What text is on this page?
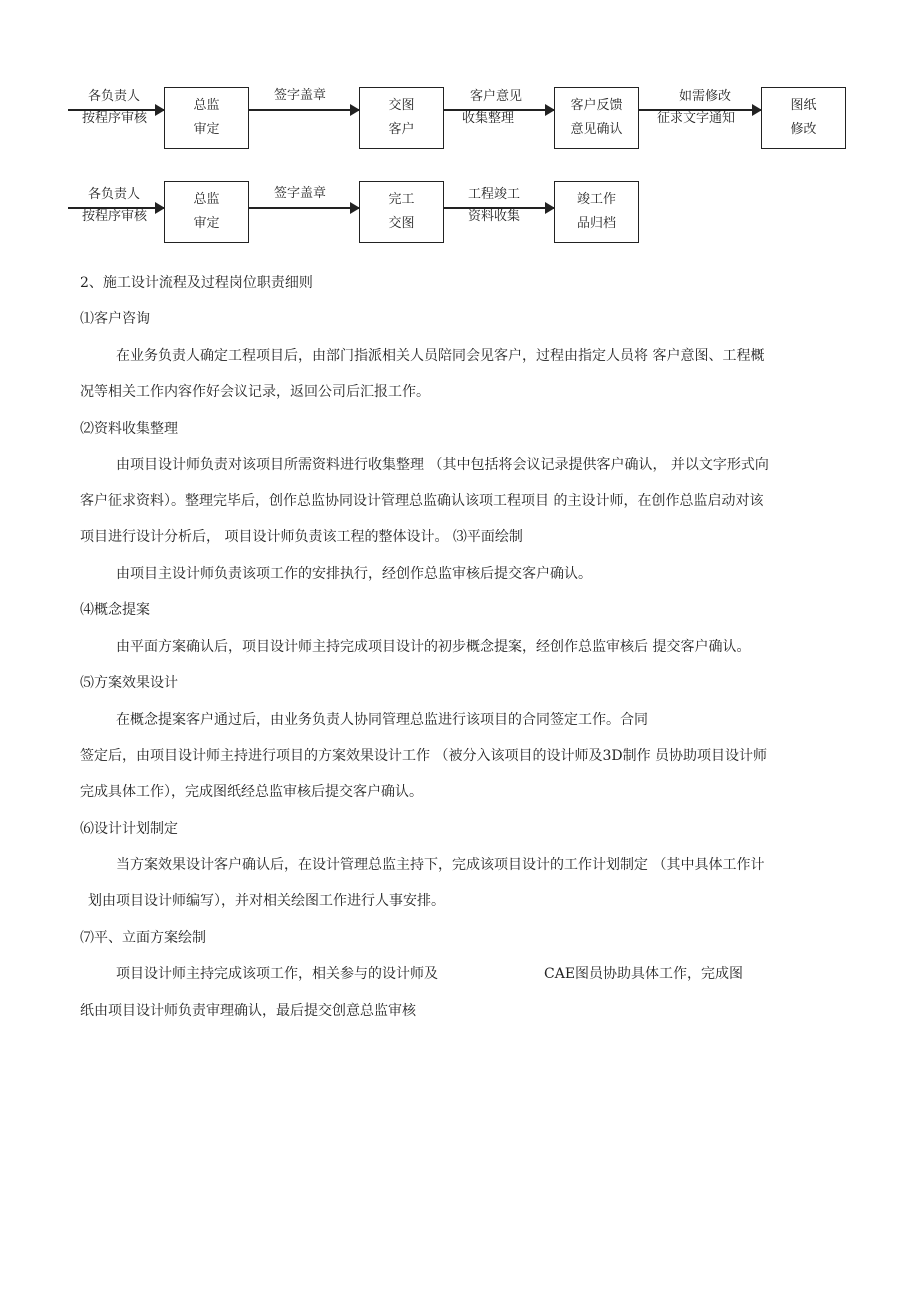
各负责人
按程序审核
总监
审定
签字盖章
交图
客户
客户意见
收集整理
客户反馈
意见确认
如需修改
征求文字通知
图纸
修改
各负责人
按程序审核
总监
审定
签字盖章	完工
交图
工程竣工
资料收集
竣工作
品归档
2、施工设计流程及过程岗位职责细则
⑴客户咨询
在业务负责人确定工程项目后，由部门指派相关人员陪同会见客户，过程由指定人员将 客户意图、工程概
况等相关工作内容作好会议记录，返回公司后汇报工作。
⑵资料收集整理
由项目设计师负责对该项目所需资料进行收集整理 （其中包括将会议记录提供客户确认， 并以文字形式向
客户征求资料）。整理完毕后，创作总监协同设计管理总监确认该项工程项目 的主设计师，在创作总监启动对该
项目进行设计分析后， 项目设计师负责该工程的整体设计。 ⑶平面绘制
由项目主设计师负责该项工作的安排执行，经创作总监审核后提交客户确认。
⑷概念提案
由平面方案确认后，项目设计师主持完成项目设计的初步概念提案，经创作总监审核后 提交客户确认。
⑸方案效果设计
在概念提案客户通过后，由业务负责人协同管理总监进行该项目的合同签定工作。合同
签定后，由项目设计师主持进行项目的方案效果设计工作 （被分入该项目的设计师及3D制作 员协助项目设计师
完成具体工作），完成图纸经总监审核后提交客户确认。
⑹设计计划制定
当方案效果设计客户确认后，在设计管理总监主持下，完成该项目设计的工作计划制定 （其中具体工作计
划由项目设计师编写），并对相关绘图工作进行人事安排。
⑺平、立面方案绘制
项目设计师主持完成该项工作，相关参与的设计师及	CAE图员协助具体工作，完成图
纸由项目设计师负责审理确认，最后提交创意总监审核
